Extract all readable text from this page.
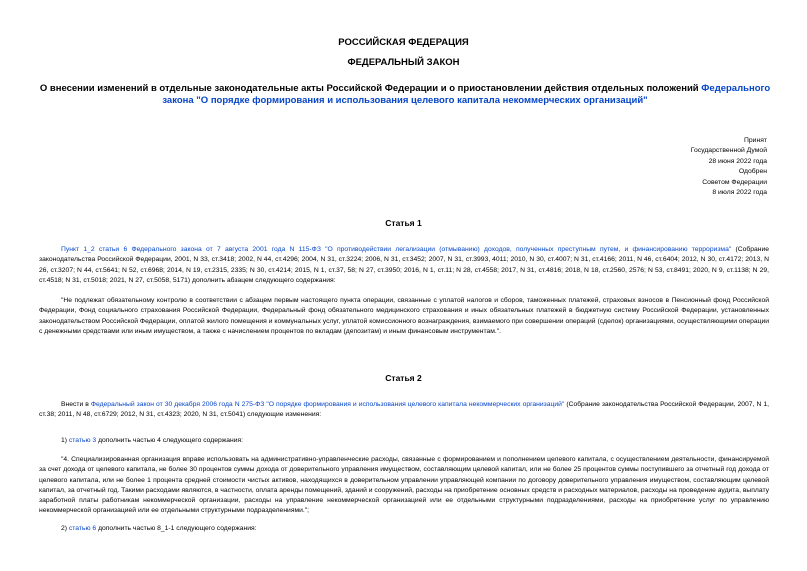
РОССИЙСКАЯ ФЕДЕРАЦИЯ

ФЕДЕРАЛЬНЫЙ ЗАКОН

О внесении изменений в отдельные законодательные акты Российской Федерации и о приостановлении действия отдельных положений Федерального закона "О порядке формирования и использования целевого капитала некоммерческих организаций"

Принят
Государственной Думой
28 июня 2022 года
Одобрен
Советом Федерации
8 июля 2022 года

Статья 1

Пункт 1_2 статьи 6 Федерального закона от 7 августа 2001 года N 115-ФЗ "О противодействии легализации (отмыванию) доходов, полученных преступным путем, и финансированию терроризма" (Собрание законодательства Российской Федерации, 2001, N 33, ст.3418; 2002, N 44, ст.4296; 2004, N 31, ст.3224; 2006, N 31, ст.3452; 2007, N 31, ст.3993, 4011; 2010, N 30, ст.4007; N 31, ст.4166; 2011, N 46, ст.6404; 2012, N 30, ст.4172; 2013, N 26, ст.3207; N 44, ст.5641; N 52, ст.6968; 2014, N 19, ст.2315, 2335; N 30, ст.4214; 2015, N 1, ст.37, 58; N 27, ст.3950; 2016, N 1, ст.11; N 28, ст.4558; 2017, N 31, ст.4816; 2018, N 18, ст.2560, 2576; N 53, ст.8491; 2020, N 9, ст.1138; N 29, ст.4518; N 31, ст.5018; 2021, N 27, ст.5058, 5171) дополнить абзацем следующего содержания:

"Не подлежат обязательному контролю в соответствии с абзацем первым настоящего пункта операции, связанные с уплатой налогов и сборов, таможенных платежей, страховых взносов в Пенсионный фонд Российской Федерации, Фонд социального страхования Российской Федерации, Федеральный фонд обязательного медицинского страхования и иных обязательных платежей в бюджетную систему Российской Федерации, установленных законодательством Российской Федерации, оплатой жилого помещения и коммунальных услуг, уплатой комиссионного вознаграждения, взимаемого при совершении операций (сделок) организациями, осуществляющими операции с денежными средствами или иным имуществом, а также с начислением процентов по вкладам (депозитам) и иным финансовым инструментам.".

Статья 2

Внести в Федеральный закон от 30 декабря 2006 года N 275-ФЗ "О порядке формирования и использования целевого капитала некоммерческих организаций" (Собрание законодательства Российской Федерации, 2007, N 1, ст.38; 2011, N 48, ст.6729; 2012, N 31, ст.4323; 2020, N 31, ст.5041) следующие изменения:

1) статью 3 дополнить частью 4 следующего содержания:

"4. Специализированная организация вправе использовать на административно-управленческие расходы, связанные с формированием и пополнением целевого капитала, с осуществлением деятельности, финансируемой за счет дохода от целевого капитала, не более 30 процентов суммы дохода от доверительного управления имуществом, составляющим целевой капитал, или не более 25 процентов суммы поступившего за отчетный год дохода от целевого капитала, или не более 1 процента средней стоимости чистых активов, находящихся в доверительном управлении управляющей компании по договору доверительного управления имуществом, составляющим целевой капитал, за отчетный год. Такими расходами являются, в частности, оплата аренды помещений, зданий и сооружений, расходы на приобретение основных средств и расходных материалов, расходы на проведение аудита, выплату заработной платы работникам некоммерческой организации, расходы на управление некоммерческой организацией или ее отдельными структурными подразделениями, расходы на приобретение услуг по управлению некоммерческой организацией или ее отдельными структурными подразделениями.";

2) статью 6 дополнить частью 8_1-1 следующего содержания:
